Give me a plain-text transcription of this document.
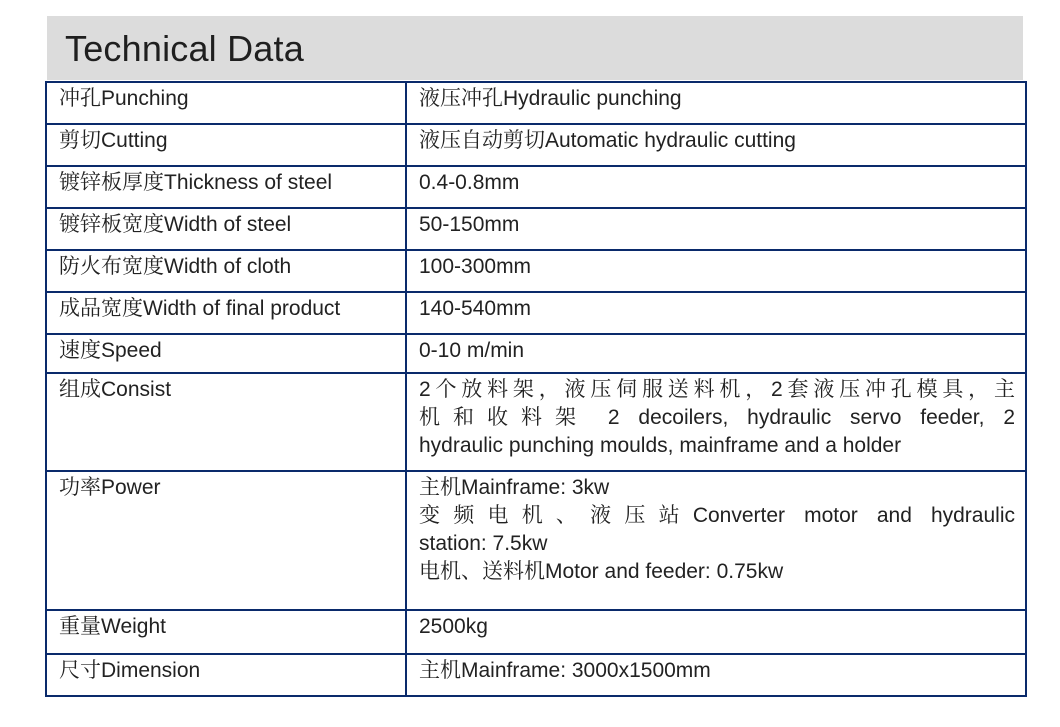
Technical Data
冲孔Punching	液压冲孔Hydraulic punching

剪切Cutting	液压自动剪切Automatic hydraulic cutting

镀锌板厚度Thickness of steel	0.4-0.8mm

镀锌板宽度Width of steel	50-150mm

防火布宽度Width of cloth	100-300mm

成品宽度Width of final product	140-540mm

速度Speed	0-10 m/min

组成Consist	2个放料架，液压伺服送料机，2套液压冲孔模具，主
机和收料架 2 decoilers, hydraulic servo feeder, 2
hydraulic punching moulds, mainframe and a holder

功率Power	主机Mainframe: 3kw
变频电机、液压站Converter motor and hydraulic
station: 7.5kw
电机、送料机Motor and feeder: 0.75kw

重量Weight	2500kg

尺寸Dimension	主机Mainframe: 3000x1500mm
